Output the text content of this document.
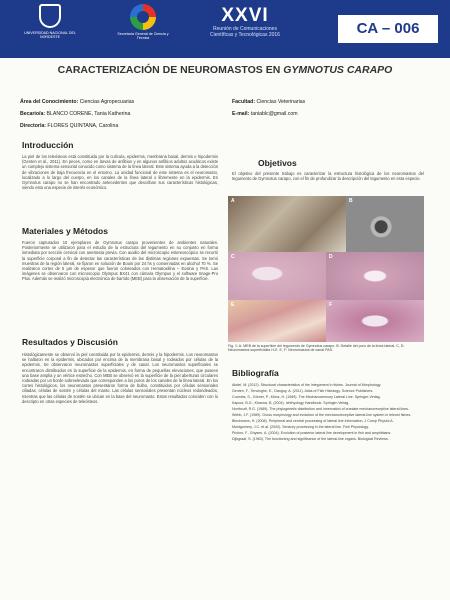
UNIVERSIDAD NACIONAL DEL NORDESTE
Secretaría General de Ciencia y Técnica
XXVI
Reunión de Comunicaciones
Científicas y Tecnológicas 2016	CA – 006
CARACTERIZACIÓN DE NEUROMASTOS EN GYMNOTUS CARAPO
Área del Conocimiento: Ciencias Agropecuarias
Becario/a: BLANCO CORENE, Tania Katherina
Director/a: FLORES QUINTANA, Carolina
Facultad: Ciencias Veterinarias
E-mail: taniablc@gmail.com
Introducción
La piel de los teleósteos está constituida por la cutícula, epidermis, membrana basal, dermis e hipodermis (Genten et al., 2011). En peces, como en larvas de anfibios y en algunos anfibios adultos acuáticos existe un complejo sistema sensorial conocido como sistema de la línea lateral. Este sistema ayuda a la detección de vibraciones de baja frecuencia en el entorno. La unidad funcional de este sistema es el neuromasto, localizado a lo largo del cuerpo, en los canales de la línea lateral o libremente en la epidermis. En Gymnotus carapo no se han encontrado antecedentes que describan sus características histológicas, siendo esta una especie de interés económico.
Materiales y Métodos
Fueron capturados 10 ejemplares de Gymnotus carapo provenientes de ambientes naturales. Posteriormente se utilizaron para el estudio de la estructura del tegumento en su conjunto en forma inmediata por sección cervical con anestesia previa. Con auxilio del microscopio estereoscópico se recortó la superficie corporal a fin de detectar las características de las distintas regiones expuestas. Se tomó muestras de la región lateral, se fijaron en solución de Bouin por 24 hs y conservadas en alcohol 70 %. Se realizaron cortes de 5 µm de espesor que fueron coloreados con Hematoxilina – Eosina y PAS. Las imágenes se observaron con microscopio Olympus BX41 con cámara Olympus y el software Image-Pro Plus. Además se realizó microscopía electrónica de barrido (MEB) para la observación de la superficie.
Resultados y Discusión
Histológicamente se observó la piel constituida por la epidermis, dermis y la hipodermis. Los neuromastos se hallaron en la epidermis, ubicados por encima de la membrana basal y rodeados por células de la epidermis. Se observaron neuromastos superficiales y de canal. Los neuromastos superficiales se encontraron distribuidos en la superficie de la epidermis, en forma de pequeñas elevaciones, que poseen una base amplia y un vértice estrecho. Con MEB se observó en la superficie de la piel aberturas circulares rodeadas por un borde sobreelevado que corresponden a los poros de los canales de la línea lateral. En los cortes histológicos, los neuromastos presentaron forma de bulbo, constituidos por células sensoriales ciliadas, células de sostén y células del manto. Las células sensoriales presentan núcleos redondeados, mientras que las células de sostén se ubican en la base del neuromasto. Estos resultados coinciden con lo descripto en otras especies de teleósteos.
Objetivos
El objetivo del presente trabajo es caracterizar la estructura histológica de los neuromastos del tegumento de Gymnotus carapo, con el fin de profundizar la descripción del tegumento en esta especie.
A	B
C	D
E	F
Fig. 1: A: MEB de la superficie del tegumento de Gymnotus carapo. B: Detalle del poro de la línea lateral. C, D: Neuromastos superficiales H-E. E, F: Neuromastos de canal PAS.
Bibliografía

Abdel, M. (2012). Structural characteristics of the integument in fishes. Journal of Morphology.

Genten, F., Terwinghe, E., Danguy, A. (2011). Atlas of Fish Histology. Science Publishers.

Coombs, S., Görner, P., Münz, H. (1989). The Mechanosensory Lateral Line. Springer-Verlag.

Kapoor, B.G., Khanna, B. (2004). Ichthyology Handbook. Springer-Verlag.

Northcutt, R.G. (1989). The phylogenetic distribution and innervation of craniate mechanoreceptive lateral lines.

Webb, J.F. (1989). Gross morphology and evolution of the mechanoreceptive lateral-line system in teleost fishes.

Bleckmann, H. (2008). Peripheral and central processing of lateral line information. J Comp Physiol A.

Montgomery, J.C. et al. (2000). Sensory processing in the lateral line. Fish Physiology.

Pichon, F., Ghysen, A. (2004). Evolution of posterior lateral line development in fish and amphibians.

Dijkgraaf, S. (1963). The functioning and significance of the lateral-line organs. Biological Reviews.
